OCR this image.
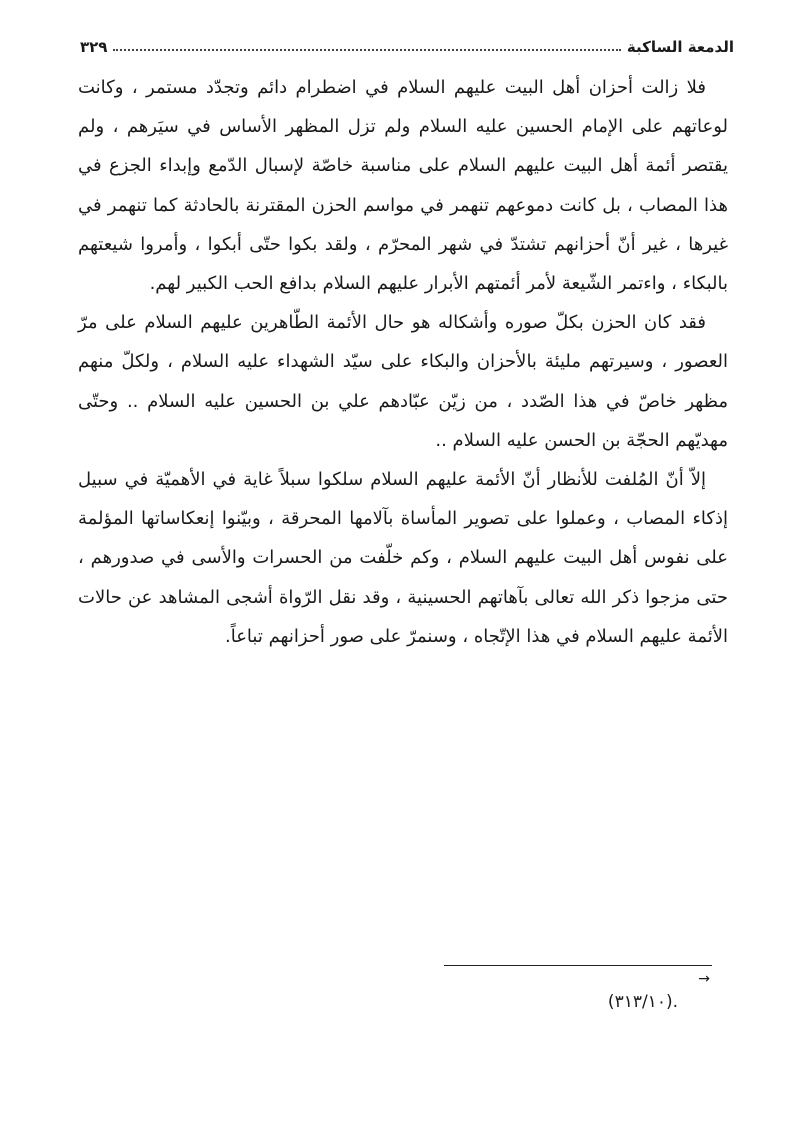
الدمعة الساكبة
٣٢٩

فلا زالت أحزان أهل البيت عليهم السلام في اضطرام دائم وتجدّد مستمر ، وكانت لوعاتهم على الإمام الحسين عليه السلام ولم تزل المظهر الأساس في سيَرهم ، ولم يقتصر أئمة أهل البيت عليهم السلام على مناسبة خاصّة لإسبال الدّمع وإبداء الجزع في هذا المصاب ، بل كانت دموعهم تنهمر في مواسم الحزن المقترنة بالحادثة كما تنهمر في غيرها ، غير أنّ أحزانهم تشتدّ في شهر المحرّم ، ولقد بكوا حتّى أبكوا ، وأمروا شيعتهم بالبكاء ، واءتمر الشّيعة لأمر أئمتهم الأبرار عليهم السلام بدافع الحب الكبير لهم.

فقد كان الحزن بكلّ صوره وأشكاله هو حال الأئمة الطّاهرين عليهم السلام على مرّ العصور ، وسيرتهم مليئة بالأحزان والبكاء على سيّد الشهداء عليه السلام ، ولكلّ منهم مظهر خاصّ في هذا الصّدد ، من زيّن عبّادهم علي بن الحسين عليه السلام .. وحتّى مهديّهم الحجّة بن الحسن عليه السلام ..

إلاّ أنّ المُلفت للأنظار أنّ الأئمة عليهم السلام سلكوا سبلاً غاية في الأهميّة في سبيل إذكاء المصاب ، وعملوا على تصوير المأساة بآلامها المحرقة ، وبيّنوا إنعكاساتها المؤلمة على نفوس أهل البيت عليهم السلام ، وكم خلّفت من الحسرات والأسى في صدورهم ، حتى مزجوا ذكر الله تعالى بآهاتهم الحسينية ، وقد نقل الرّواة أشجى المشاهد عن حالات الأئمة عليهم السلام في هذا الإتّجاه ، وسنمرّ على صور أحزانهم تباعاً.

→
.(٣١٣/١٠)
